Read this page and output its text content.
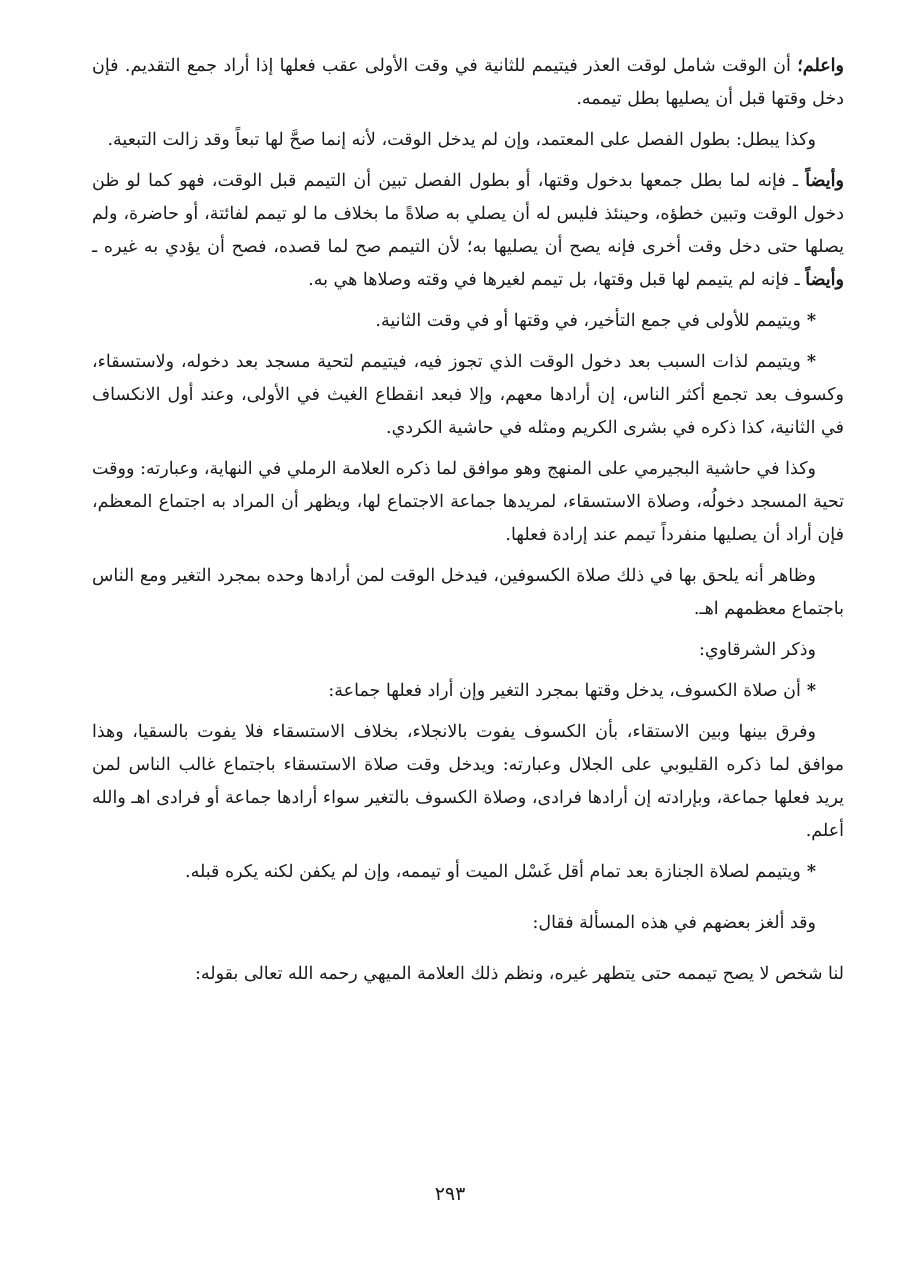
واعلم؛ أن الوقت شامل لوقت العذر فيتيمم للثانية في وقت الأولى عقب فعلها إذا أراد جمع التقديم. فإن دخل وقتها قبل أن يصليها بطل تيممه.

وكذا يبطل: بطول الفصل على المعتمد، وإن لم يدخل الوقت، لأنه إنما صحَّ لها تبعاً وقد زالت التبعية.

وأيضاً ـ فإنه لما بطل جمعها بدخول وقتها، أو بطول الفصل تبين أن التيمم قبل الوقت، فهو كما لو ظن دخول الوقت وتبين خطؤه، وحينئذ فليس له أن يصلي به صلاةً ما بخلاف ما لو تيمم لفائتة، أو حاضرة، ولم يصلها حتى دخل وقت أخرى فإنه يصح أن يصليها به؛ لأن التيمم صح لما قصده، فصح أن يؤدي به غيره ـ وأيضاً ـ فإنه لم يتيمم لها قبل وقتها، بل تيمم لغيرها في وقته وصلاها هي به.

*ويتيمم للأولى في جمع التأخير، في وقتها أو في وقت الثانية.

*ويتيمم لذات السبب بعد دخول الوقت الذي تجوز فيه، فيتيمم لتحية مسجد بعد دخوله، ولاستسقاء، وكسوف بعد تجمع أكثر الناس، إن أرادها معهم، وإلا فبعد انقطاع الغيث في الأولى، وعند أول الانكساف في الثانية، كذا ذكره في بشرى الكريم ومثله في حاشية الكردي.

وكذا في حاشية البجيرمي على المنهج وهو موافق لما ذكره العلامة الرملي في النهاية، وعبارته: ووقت تحية المسجد دخولُه، وصلاة الاستسقاء، لمريدها جماعة الاجتماع لها، ويظهر أن المراد به اجتماع المعظم، فإن أراد أن يصليها منفرداً تيمم عند إرادة فعلها.

وظاهر أنه يلحق بها في ذلك صلاة الكسوفين، فيدخل الوقت لمن أرادها وحده بمجرد التغير ومع الناس باجتماع معظمهم اهـ.

وذكر الشرقاوي:

*أن صلاة الكسوف، يدخل وقتها بمجرد التغير وإن أراد فعلها جماعة:

وفرق بينها وبين الاستقاء، بأن الكسوف يفوت بالانجلاء، بخلاف الاستسقاء فلا يفوت بالسقيا، وهذا موافق لما ذكره القليوبي على الجلال وعبارته: ويدخل وقت صلاة الاستسقاء باجتماع غالب الناس لمن يريد فعلها جماعة، وبإرادته إن أرادها فرادى، وصلاة الكسوف بالتغير سواء أرادها جماعة أو فرادى اهـ والله أعلم.

*ويتيمم لصلاة الجنازة بعد تمام أقل غَسْل الميت أو تيممه، وإن لم يكفن لكنه يكره قبله.

وقد ألغز بعضهم في هذه المسألة فقال:

لنا شخص لا يصح تيممه حتى يتطهر غيره، ونظم ذلك العلامة الميهي رحمه الله تعالى بقوله:

٢٩٣
